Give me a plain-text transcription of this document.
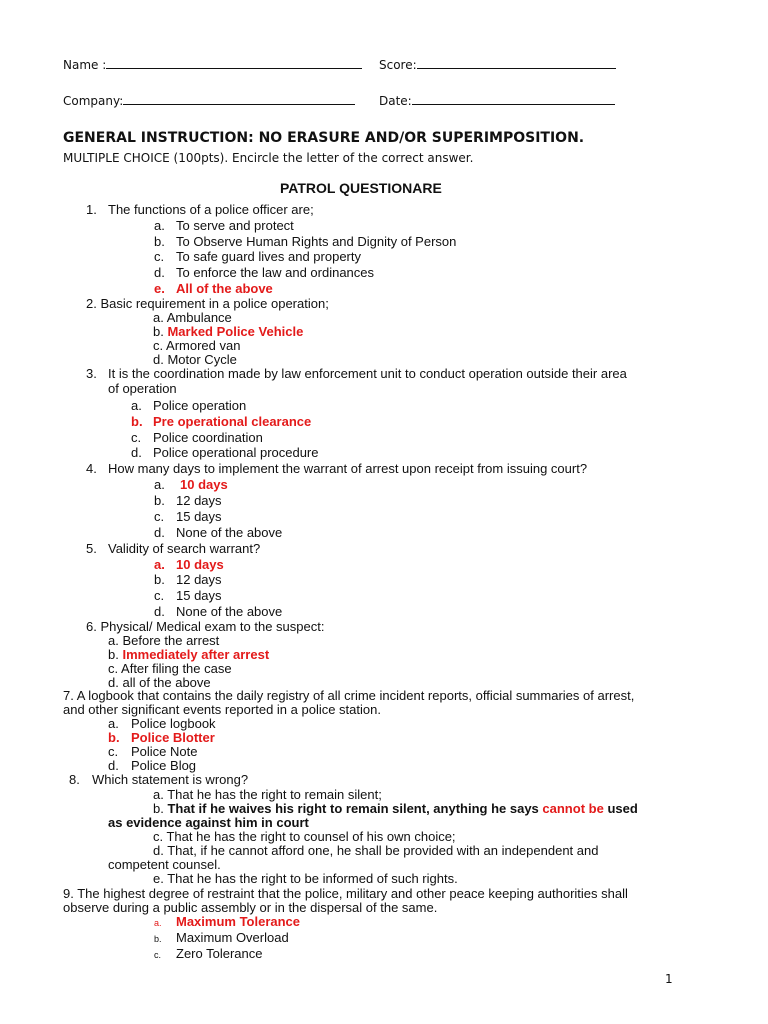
Name :	Score:
Company:	Date:
GENERAL INSTRUCTION: NO ERASURE AND/OR SUPERIMPOSITION.
MULTIPLE CHOICE (100pts). Encircle the letter of the correct answer.
PATROL QUESTIONARE
1. The functions of a police officer are;
a. To serve and protect
b. To Observe Human Rights and Dignity of Person
c. To safe guard lives and property
d. To enforce the law and ordinances
e. All of the above
2. Basic requirement in a police operation;
a. Ambulance
b. Marked Police Vehicle
c. Armored van
d. Motor Cycle
3. It is the coordination made by law enforcement unit to conduct operation outside their area
of operation
a. Police operation
b. Pre operational clearance
c. Police coordination
d. Police operational procedure
4. How many days to implement the warrant of arrest upon receipt from issuing court?
a. 10 days
b. 12 days
c. 15 days
d. None of the above
5. Validity of search warrant?
a. 10 days
b. 12 days
c. 15 days
d. None of the above
6. Physical/ Medical exam to the suspect:
a. Before the arrest
b. Immediately after arrest
c. After filing the case
d. all of the above
7. A logbook that contains the daily registry of all crime incident reports, official summaries of arrest,
and other significant events reported in a police station.
a. Police logbook
b. Police Blotter
c. Police Note
d. Police Blog
8. Which statement is wrong?
a. That he has the right to remain silent;
b. That if he waives his right to remain silent, anything he says cannot be used
as evidence against him in court
c. That he has the right to counsel of his own choice;
d. That, if he cannot afford one, he shall be provided with an independent and
competent counsel.
e. That he has the right to be informed of such rights.
9. The highest degree of restraint that the police, military and other peace keeping authorities shall
observe during a public assembly or in the dispersal of the same.
a. Maximum Tolerance
b. Maximum Overload
c. Zero Tolerance
1
